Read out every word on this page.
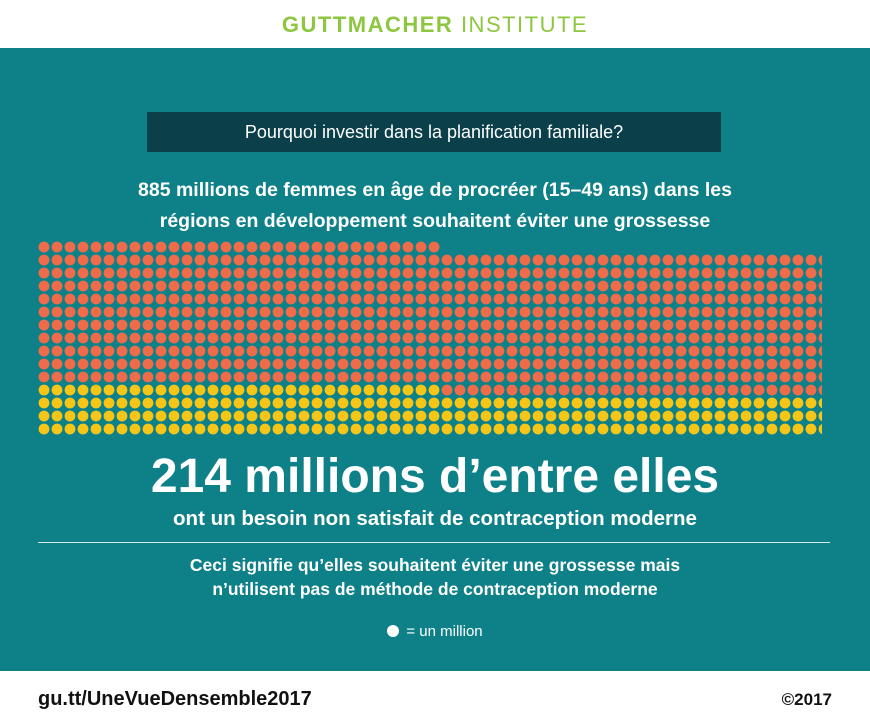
GUTTMACHER INSTITUTE
Pourquoi investir dans la planification familiale?
885 millions de femmes en âge de procréer (15–49 ans) dans les
régions en développement souhaitent éviter une grossesse
214 millions d’entre elles
ont un besoin non satisfait de contraception moderne
Ceci signifie qu’elles souhaitent éviter une grossesse mais
n’utilisent pas de méthode de contraception moderne
= un million
gu.tt/UneVueDensemble2017	©2017
